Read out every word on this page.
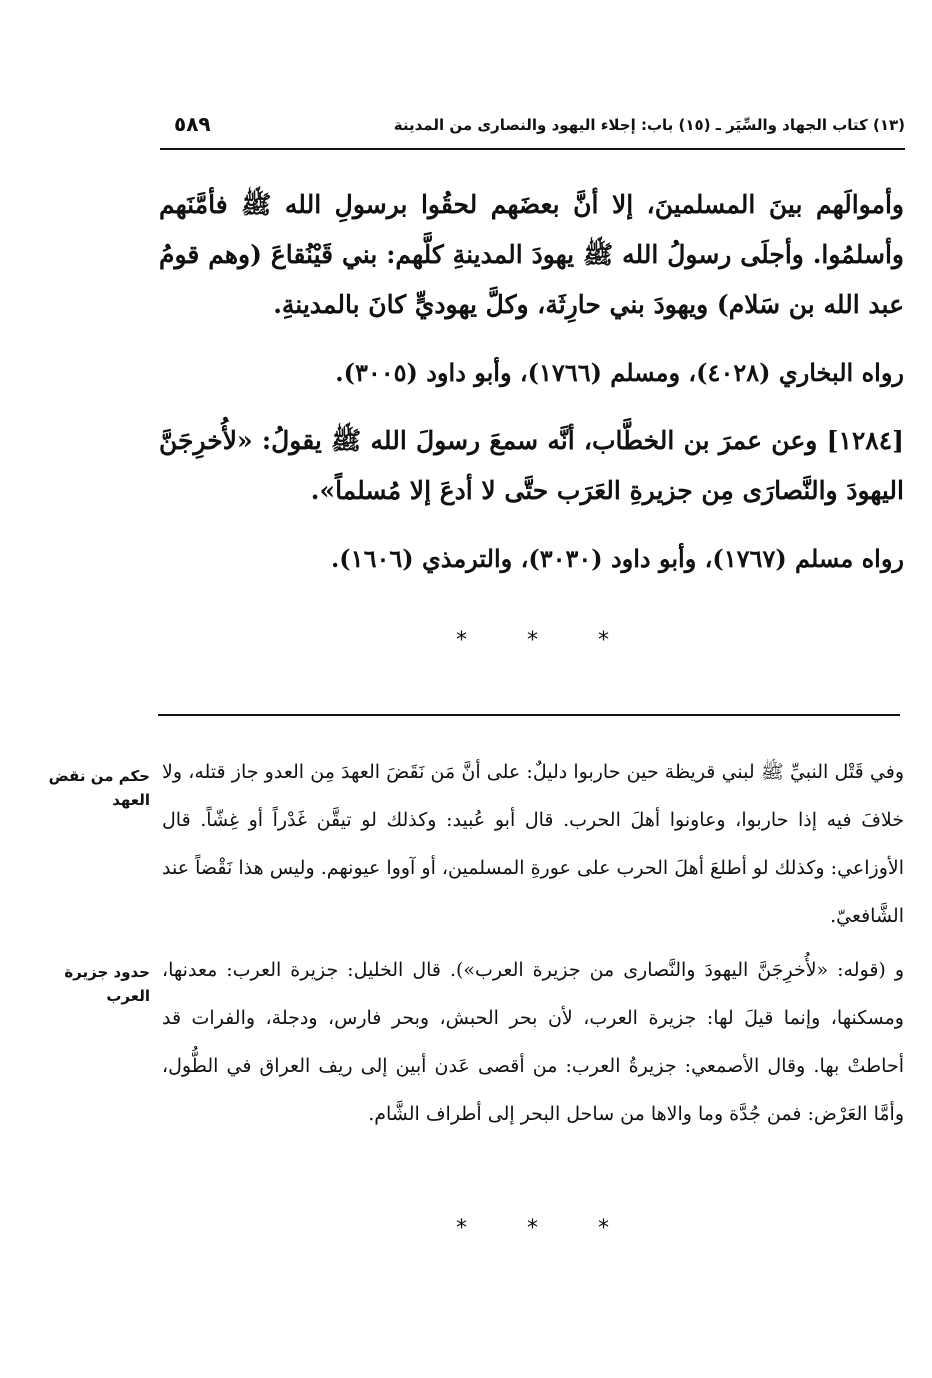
(١٣) كتاب الجهاد والسِّيَر ـ (١٥) باب: إجلاء اليهود والنصارى من المدينة
٥٨٩

وأموالَهم بينَ المسلمينَ، إلا أنَّ بعضَهم لحقُوا برسولِ الله ﷺ فأمَّنَهم وأسلمُوا. وأجلَى رسولُ الله ﷺ يهودَ المدينةِ كلَّهم: بني قَيْنُقاعَ (وهم قومُ عبد الله بن سَلام) ويهودَ بني حارِثَة، وكلَّ يهوديٍّ كانَ بالمدينةِ.

رواه البخاري (٤٠٢٨)، ومسلم (١٧٦٦)، وأبو داود (٣٠٠٥).

[١٢٨٤] وعن عمرَ بن الخطَّاب، أنَّه سمعَ رسولَ الله ﷺ يقولُ: «لأُخرِجَنَّ اليهودَ والنَّصارَى مِن جزيرةِ العَرَب حتَّى لا أدعَ إلا مُسلماً».

رواه مسلم (١٧٦٧)، وأبو داود (٣٠٣٠)، والترمذي (١٦٠٦).

*
*
*

وفي قَتْل النبيِّ ﷺ لبني قريظة حين حاربوا دليلٌ: على أنَّ مَن نَقَضَ العهدَ مِن العدو جاز قتله، ولا خلافَ فيه إذا حاربوا، وعاونوا أهلَ الحرب. قال أبو عُبيد: وكذلك لو تيقَّن غَدْراً أو غِشّاً. قال الأوزاعي: وكذلك لو أطلعَ أهلَ الحرب على عورةِ المسلمين، أو آووا عيونهم. وليس هذا نَقْضاً عند الشَّافعيّ.

حكم من نقض العهد

و (قوله: «لأُخرِجَنَّ اليهودَ والنَّصارى من جزيرة العرب»). قال الخليل: جزيرة العرب: معدنها، ومسكنها، وإنما قيلَ لها: جزيرة العرب، لأن بحر الحبش، وبحر فارس، ودجلة، والفرات قد أحاطتْ بها. وقال الأصمعي: جزيرةُ العرب: من أقصى عَدن أبين إلى ريف العراق في الطُّول، وأمَّا العَرْض: فمن جُدَّة وما والاها من ساحل البحر إلى أطراف الشَّام.

حدود جزيرة العرب
*
*
*
